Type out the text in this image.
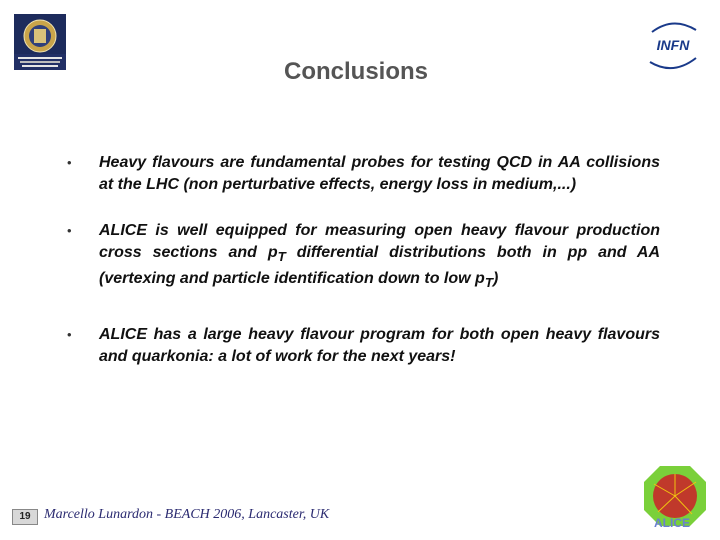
INFN
Conclusions
• Heavy flavours are fundamental probes for testing QCD in AA collisions at the LHC (non perturbative effects, energy loss in medium,...)
• ALICE is well equipped for measuring open heavy flavour production cross sections and $p_T$ differential distributions both in pp and AA (vertexing and particle identification down to low $p_T$)
• ALICE has a large heavy flavour program for both open heavy flavours and quarkonia: a lot of work for the next years!
19 Marcello Lunardon - BEACH 2006, Lancaster, UK
ALICE
